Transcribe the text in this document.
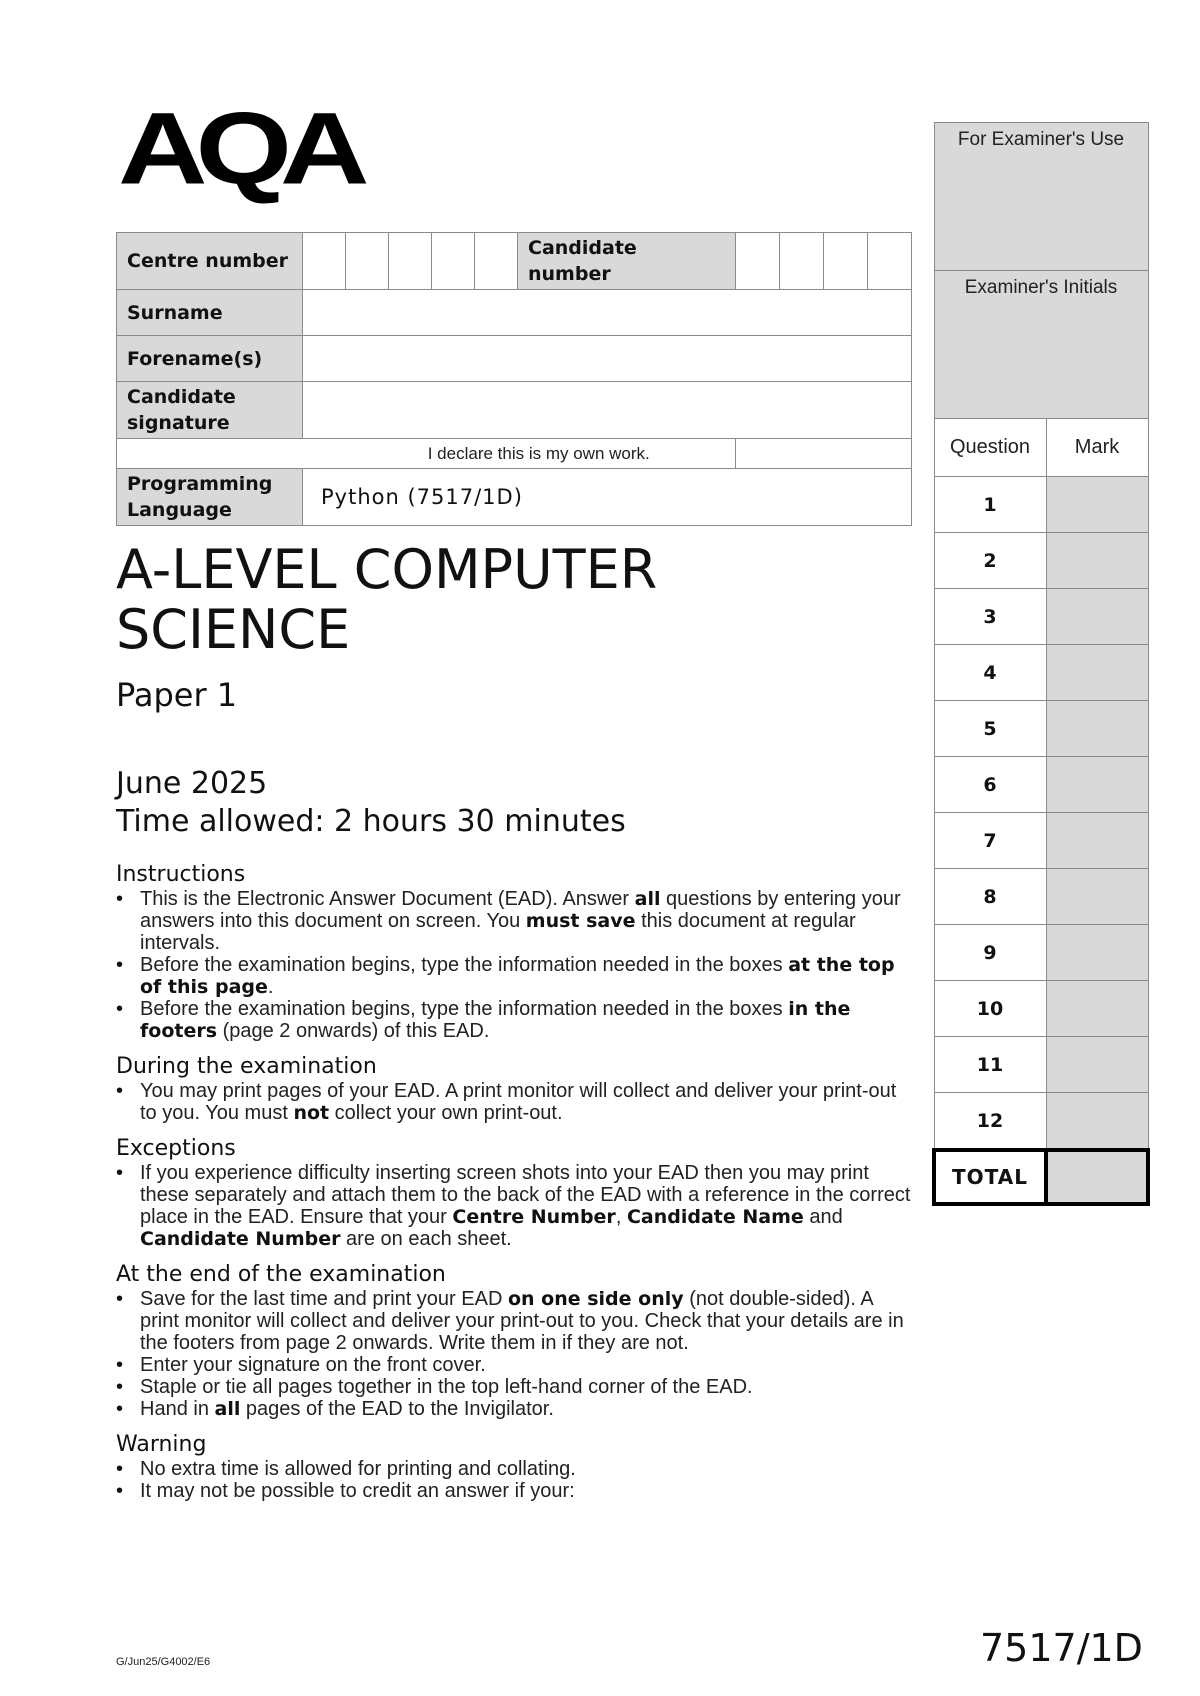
AQA
Centre number						Candidate number				
Surname										
Forename(s)										
Candidate signature										
	I declare this is my own work.									
Programming Language	Python (7517/1D)									
For Examiner's Use	
Examiner's Initials	
Question	Mark
1	
2	
3	
4	
5	
6	
7	
8	
9	
10	
11	
12	
TOTAL	
A-LEVEL COMPUTER
SCIENCE

Paper 1

June 2025

Time allowed: 2 hours 30 minutes

Instructions
• This is the Electronic Answer Document (EAD). Answer all questions by entering your answers into this document on screen. You must save this document at regular intervals.
• Before the examination begins, type the information needed in the boxes at the top of this page.
• Before the examination begins, type the information needed in the boxes in the footers (page 2 onwards) of this EAD.
During the examination
• You may print pages of your EAD. A print monitor will collect and deliver your print-out to you. You must not collect your own print-out.
Exceptions
• If you experience difficulty inserting screen shots into your EAD then you may print these separately and attach them to the back of the EAD with a reference in the correct place in the EAD. Ensure that your Centre Number, Candidate Name and Candidate Number are on each sheet.
At the end of the examination
• Save for the last time and print your EAD on one side only (not double-sided). A print monitor will collect and deliver your print-out to you. Check that your details are in the footers from page 2 onwards. Write them in if they are not.
• Enter your signature on the front cover.
• Staple or tie all pages together in the top left-hand corner of the EAD.
• Hand in all pages of the EAD to the Invigilator.
Warning
• No extra time is allowed for printing and collating.
• It may not be possible to credit an answer if your:
G/Jun25/G4002/E6	7517/1D
